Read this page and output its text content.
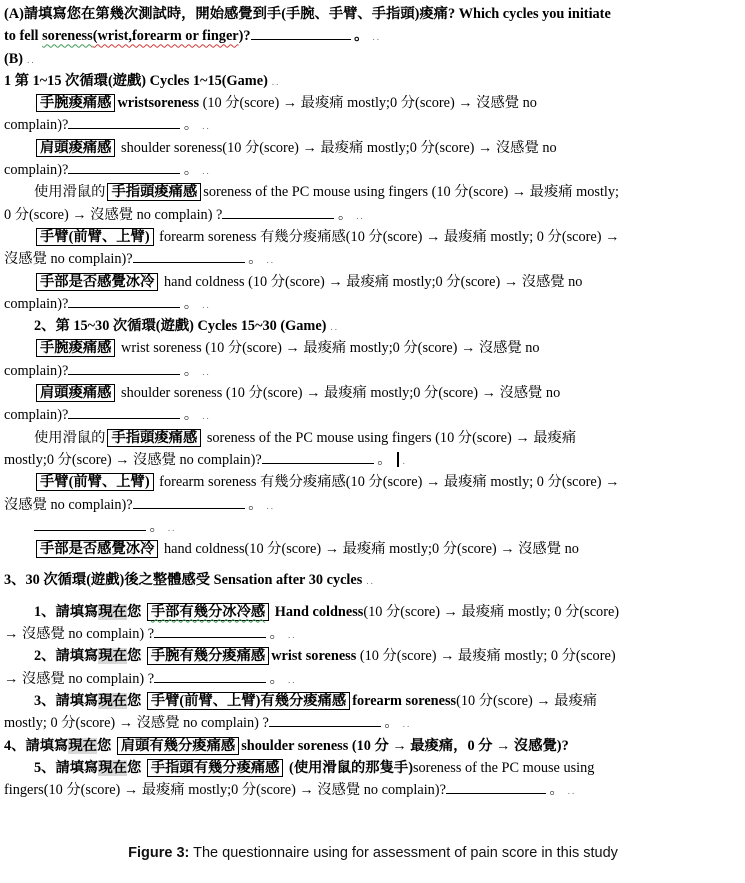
(A)請填寫您在第幾次測試時，開始感覺到手(手腕、手臂、手指頭)痠痛? Which cycles you initiate
to fell soreness(wrist,forearm or finger)?	。 ..
(B) ..
1 第 1~15 次循環(遊戲) Cycles 1~15(Game) ..
手腕痠痛感 wristsoreness (10 分(score) → 最痠痛 mostly;0 分(score) → 沒感覺 no
complain)?	。 ..
肩頭痠痛感 shoulder soreness(10 分(score) → 最痠痛 mostly;0 分(score) → 沒感覺 no
complain)?	。 ..
使用滑鼠的 手指頭痠痛感 soreness of the PC mouse using fingers (10 分(score) → 最痠痛 mostly;
0 分(score) → 沒感覺 no complain) ?	。 ..
手臂(前臂、上臂) forearm soreness 有幾分痠痛感(10 分(score) → 最痠痛 mostly; 0 分(score) →
沒感覺 no complain)?	。 ..
手部是否感覺冰冷 hand coldness (10 分(score) → 最痠痛 mostly;0 分(score) → 沒感覺 no
complain)?	。 ..
2、第 15~30 次循環(遊戲) Cycles 15~30 (Game) ..
手腕痠痛感 wrist soreness (10 分(score) → 最痠痛 mostly;0 分(score) → 沒感覺 no
complain)?	。 ..
肩頭痠痛感 shoulder soreness (10 分(score) → 最痠痛 mostly;0 分(score) → 沒感覺 no
complain)?	。 ..
使用滑鼠的 手指頭痠痛感 soreness of the PC mouse using fingers (10 分(score) → 最痠痛
mostly;0 分(score) → 沒感覺 no complain)?	。 .
手臂(前臂、上臂) forearm soreness 有幾分痠痛感(10 分(score) → 最痠痛 mostly; 0 分(score) →
沒感覺 no complain)?	。 ..
。 ..
手部是否感覺冰冷 hand coldness(10 分(score) → 最痠痛 mostly;0 分(score) → 沒感覺 no
3、30 次循環(遊戲)後之整體感受 Sensation after 30 cycles ..
1、請填寫現在您 手部有幾分冰冷感 Hand coldness(10 分(score) → 最痠痛 mostly; 0 分(score)
→ 沒感覺 no complain) ?	。 ..
2、請填寫現在您 手腕有幾分痠痛感 wrist soreness (10 分(score) → 最痠痛 mostly; 0 分(score)
→ 沒感覺 no complain) ?	。 ..
3、請填寫現在您 手臂(前臂、上臂)有幾分痠痛感 forearm soreness(10 分(score) → 最痠痛
mostly; 0 分(score) → 沒感覺 no complain) ?	。 ..
4、請填寫現在您 肩頭有幾分痠痛感 shoulder soreness (10 分 → 最痠痛，0 分 → 沒感覺)?
5、請填寫現在您 手指頭有幾分痠痛感 (使用滑鼠的那隻手)soreness of the PC mouse using
fingers(10 分(score) → 最痠痛 mostly;0 分(score) → 沒感覺 no complain)?	。 ..
Figure 3: The questionnaire using for assessment of pain score in this study
